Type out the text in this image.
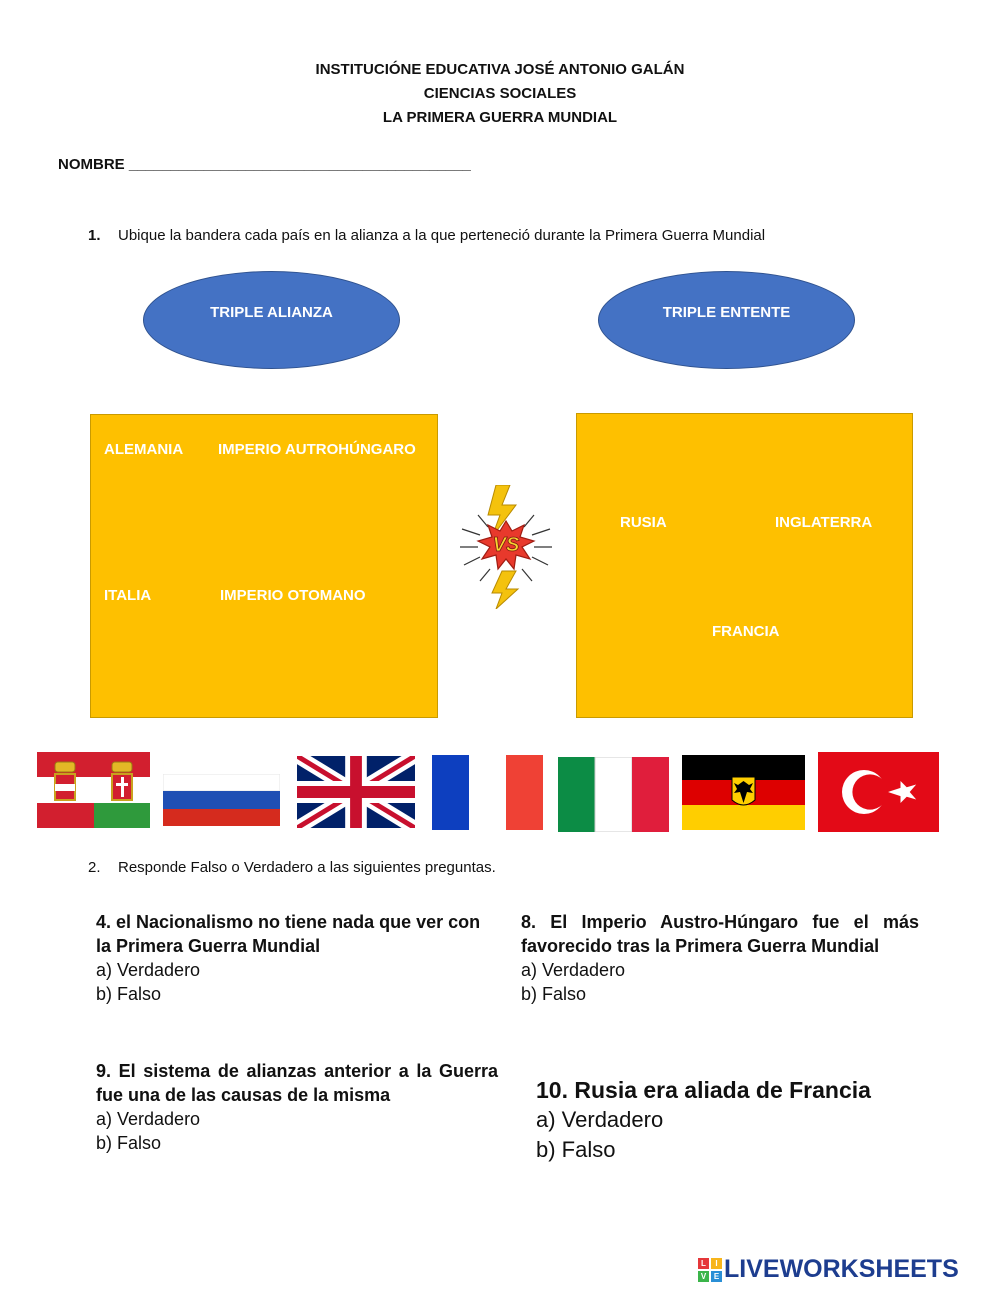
INSTITUCIÓNE EDUCATIVA JOSÉ ANTONIO GALÁN
CIENCIAS SOCIALES
LA PRIMERA GUERRA MUNDIAL
NOMBRE _________________________________________
1. Ubique la bandera cada país en la alianza a la que perteneció durante la Primera Guerra Mundial
TRIPLE ALIANZA	TRIPLE ENTENTE
ALEMANIA IMPERIO AUTROHÚNGARO
ITALIA	IMPERIO OTOMANO
RUSIA	INGLATERRA
FRANCIA
VS
2. Responde Falso o Verdadero a las siguientes preguntas.
4. el Nacionalismo no tiene nada que ver con la Primera Guerra Mundial
a) Verdadero
b) Falso
8. El Imperio Austro-Húngaro fue el más favorecido tras la Primera Guerra Mundial
a) Verdadero
b) Falso
9. El sistema de alianzas anterior a la Guerra fue una de las causas de la misma
a) Verdadero
b) Falso
10. Rusia era aliada de Francia
a) Verdadero
b) Falso
L	I
V E LIVEWORKSHEETS
